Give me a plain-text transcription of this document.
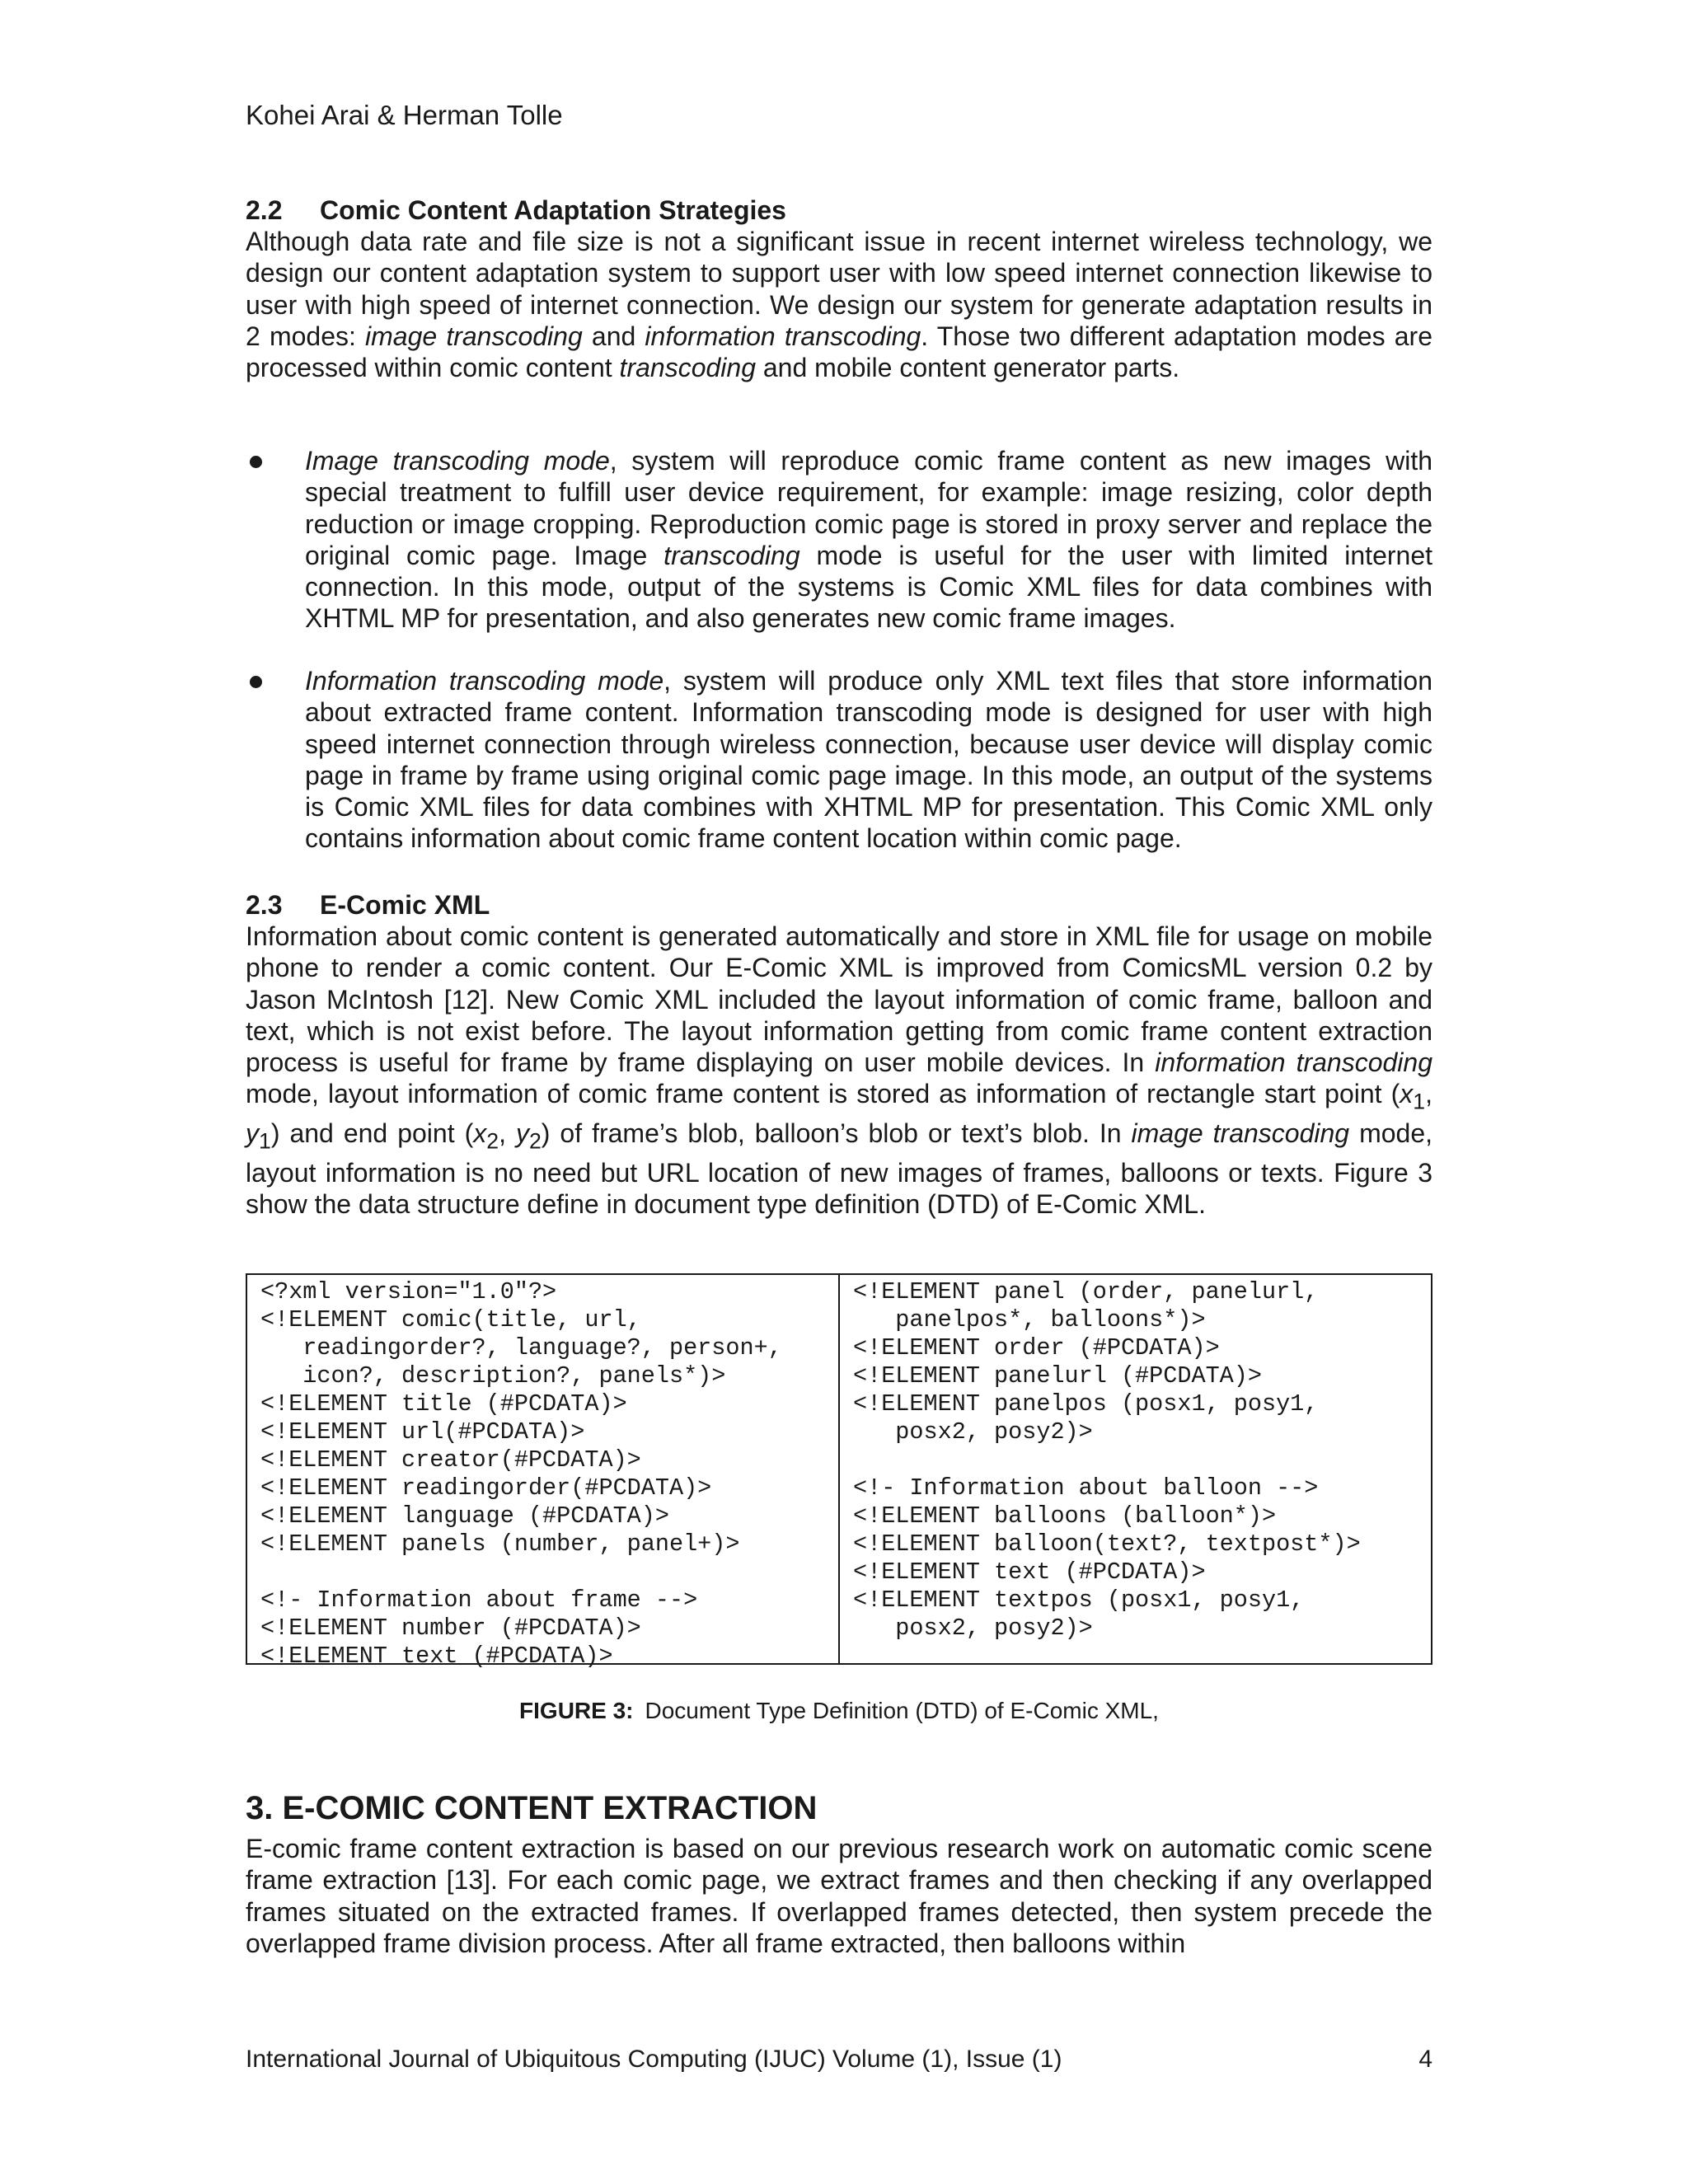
Kohei Arai & Herman Tolle
2.2 Comic Content Adaptation Strategies
Although data rate and file size is not a significant issue in recent internet wireless technology, we design our content adaptation system to support user with low speed internet connection likewise to user with high speed of internet connection. We design our system for generate adaptation results in 2 modes: image transcoding and information transcoding. Those two different adaptation modes are processed within comic content transcoding and mobile content generator parts.
Image transcoding mode, system will reproduce comic frame content as new images with special treatment to fulfill user device requirement, for example: image resizing, color depth reduction or image cropping. Reproduction comic page is stored in proxy server and replace the original comic page. Image transcoding mode is useful for the user with limited internet connection. In this mode, output of the systems is Comic XML files for data combines with XHTML MP for presentation, and also generates new comic frame images.
Information transcoding mode, system will produce only XML text files that store information about extracted frame content. Information transcoding mode is designed for user with high speed internet connection through wireless connection, because user device will display comic page in frame by frame using original comic page image. In this mode, an output of the systems is Comic XML files for data combines with XHTML MP for presentation. This Comic XML only contains information about comic frame content location within comic page.
2.3 E-Comic XML
Information about comic content is generated automatically and store in XML file for usage on mobile phone to render a comic content. Our E-Comic XML is improved from ComicsML version 0.2 by Jason McIntosh [12]. New Comic XML included the layout information of comic frame, balloon and text, which is not exist before. The layout information getting from comic frame content extraction process is useful for frame by frame displaying on user mobile devices. In information transcoding mode, layout information of comic frame content is stored as information of rectangle start point ($x_1$, $y_1$) and end point ($x_2$, $y_2$) of frame’s blob, balloon’s blob or text’s blob. In image transcoding mode, layout information is no need but URL location of new images of frames, balloons or texts. Figure 3 show the data structure define in document type definition (DTD) of E-Comic XML.
<?xml version="1.0"?>
<!ELEMENT comic(title, url,
readingorder?, language?, person+,
icon?, description?, panels*)>
<!ELEMENT title (#PCDATA)>
<!ELEMENT url(#PCDATA)>
<!ELEMENT creator(#PCDATA)>
<!ELEMENT readingorder(#PCDATA)>
<!ELEMENT language (#PCDATA)>
<!ELEMENT panels (number, panel+)>
<!- Information about frame -->
<!ELEMENT number (#PCDATA)>
<!ELEMENT text (#PCDATA)>
<!ELEMENT panel (order, panelurl,
panelpos*, balloons*)>
<!ELEMENT order (#PCDATA)>
<!ELEMENT panelurl (#PCDATA)>
<!ELEMENT panelpos (posx1, posy1,
posx2, posy2)>
<!- Information about balloon -->
<!ELEMENT balloons (balloon*)>
<!ELEMENT balloon(text?, textpost*)>
<!ELEMENT text (#PCDATA)>
<!ELEMENT textpos (posx1, posy1,
posx2, posy2)>
FIGURE 3: Document Type Definition (DTD) of E-Comic XML,
3. E-COMIC CONTENT EXTRACTION
E-comic frame content extraction is based on our previous research work on automatic comic scene frame extraction [13]. For each comic page, we extract frames and then checking if any overlapped frames situated on the extracted frames. If overlapped frames detected, then system precede the overlapped frame division process. After all frame extracted, then balloons within
International Journal of Ubiquitous Computing (IJUC) Volume (1), Issue (1)	4
